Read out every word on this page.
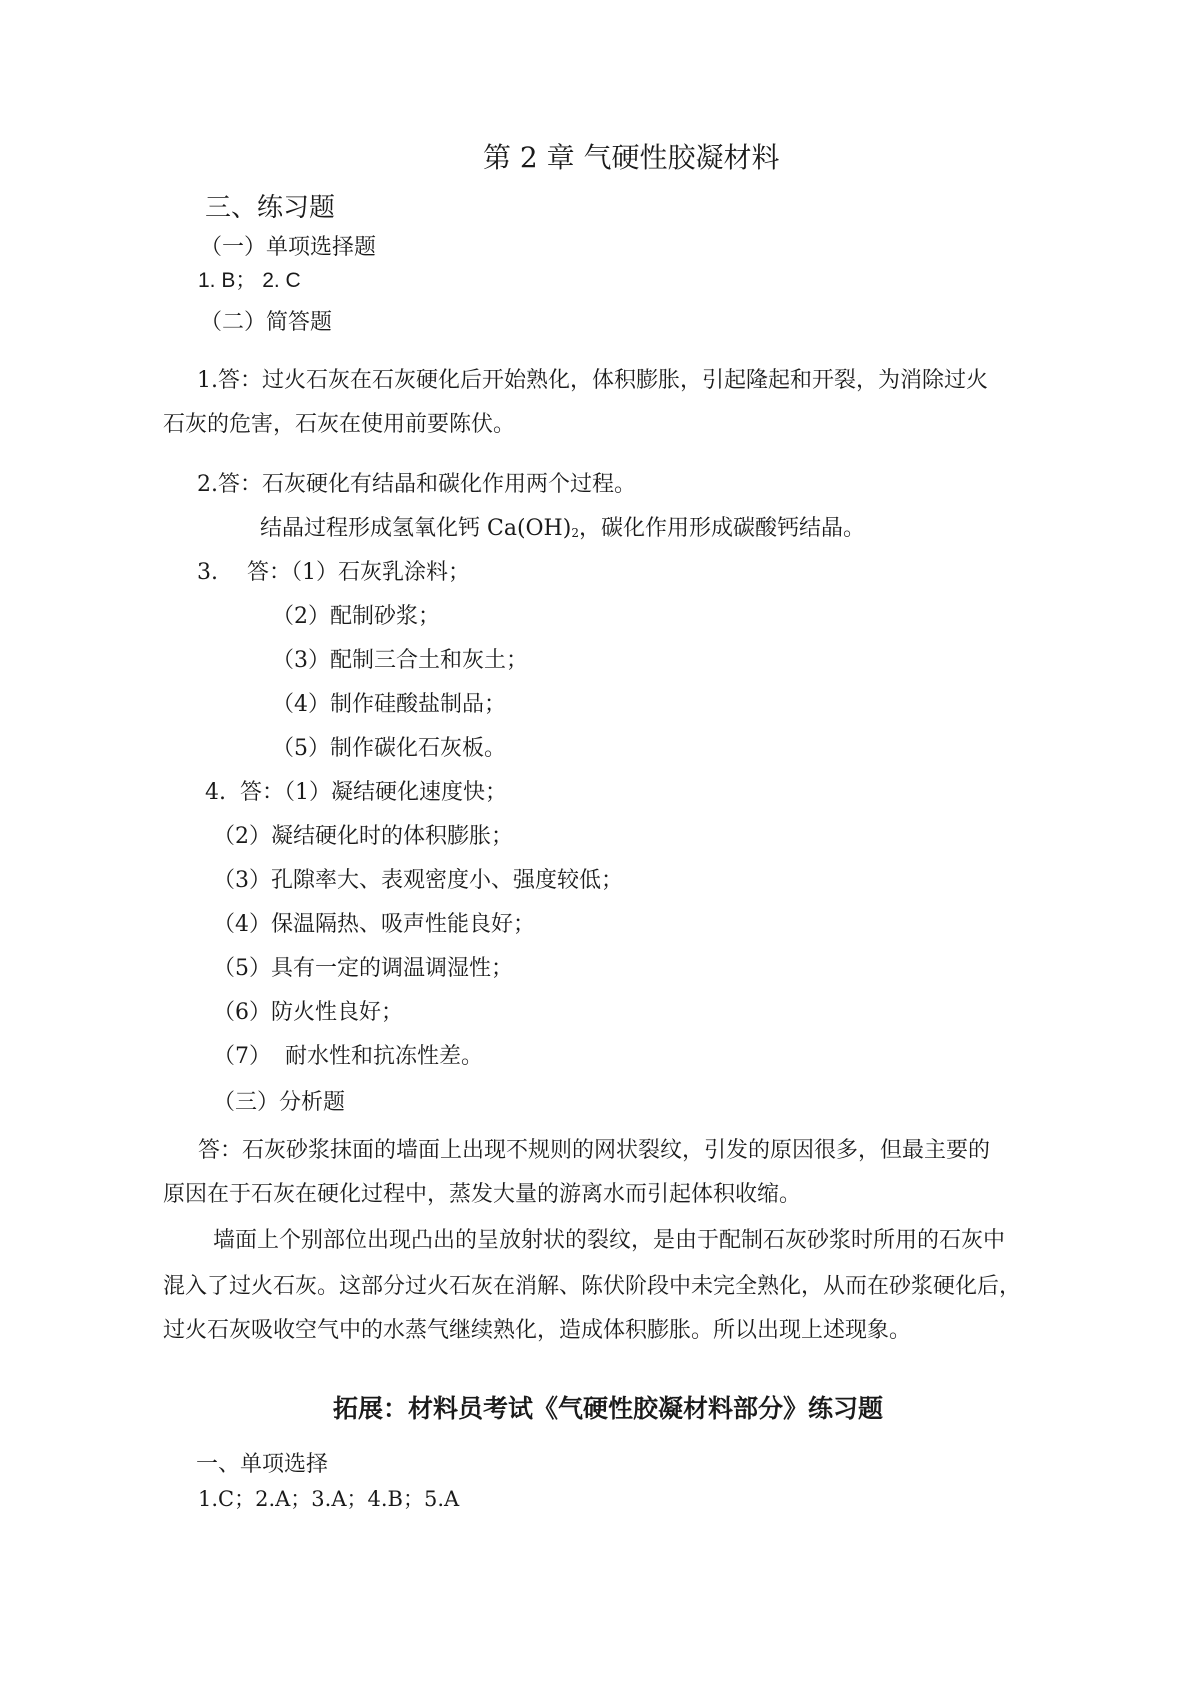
第 2 章 气硬性胶凝材料
三、练习题
（一）单项选择题
1. B； 2. C
（二）简答题
1.答：过火石灰在石灰硬化后开始熟化，体积膨胀，引起隆起和开裂，为消除过火
石灰的危害，石灰在使用前要陈伏。
2.答：石灰硬化有结晶和碳化作用两个过程。
结晶过程形成氢氧化钙 $Ca(OH)_2$，碳化作用形成碳酸钙结晶。
3. 答：（1）石灰乳涂料；
（2）配制砂浆；
（3）配制三合土和灰土；
（4）制作硅酸盐制品；
（5）制作碳化石灰板。
4.  答：（1）凝结硬化速度快；
（2）凝结硬化时的体积膨胀；
（3）孔隙率大、表观密度小、强度较低；
（4）保温隔热、吸声性能良好；
（5）具有一定的调温调湿性；
（6）防火性良好；
（7）  耐水性和抗冻性差。
（三）分析题
答：石灰砂浆抹面的墙面上出现不规则的网状裂纹，引发的原因很多，但最主要的
原因在于石灰在硬化过程中，蒸发大量的游离水而引起体积收缩。
墙面上个别部位出现凸出的呈放射状的裂纹，是由于配制石灰砂浆时所用的石灰中
混入了过火石灰。这部分过火石灰在消解、陈伏阶段中未完全熟化，从而在砂浆硬化后，
过火石灰吸收空气中的水蒸气继续熟化，造成体积膨胀。所以出现上述现象。
拓展：材料员考试《气硬性胶凝材料部分》练习题
一、单项选择
1.C；2.A；3.A；4.B；5.A
